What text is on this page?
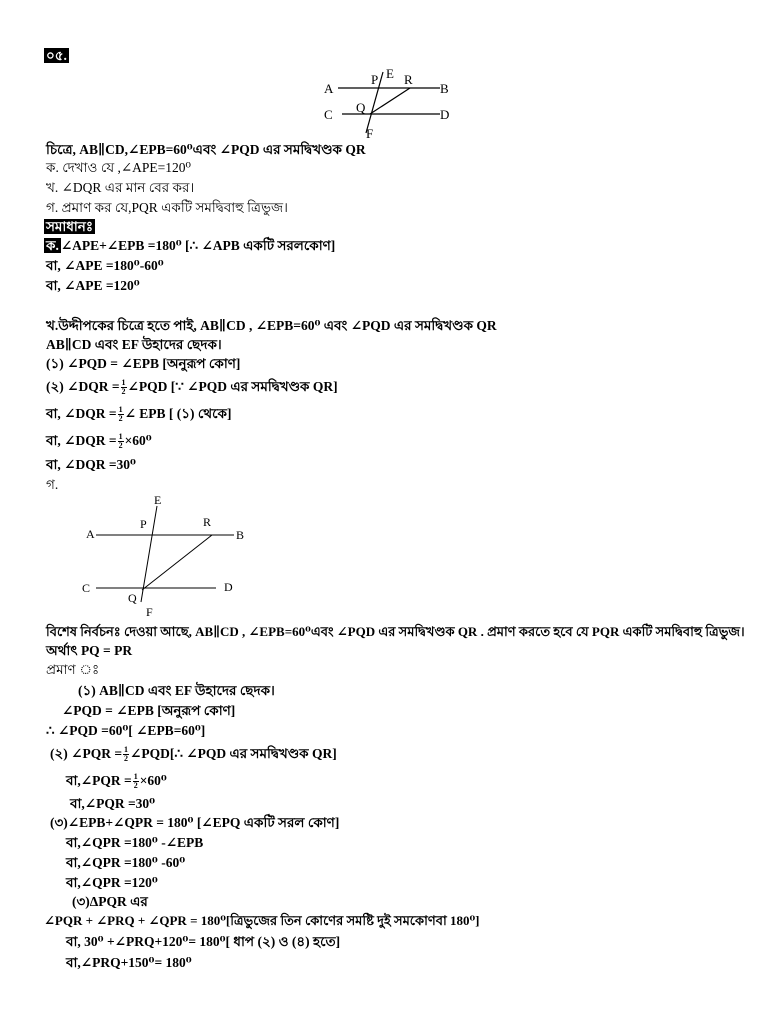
০৫.
A	B
C	D
E
F
P
Q
R
চিত্রে, AB∥CD,∠EPB=60⁰এবং ∠PQD এর সমদ্বিখণ্ডক QR
ক. দেখাও যে ,∠APE=120⁰
খ. ∠DQR এর মান বের কর।
গ. প্রমাণ কর যে,PQR একটি সমদ্বিবাহু ত্রিভুজ।
সমাধানঃ
ক. ∠APE+∠EPB =180⁰ [∴ ∠APB একটি সরলকোণ]
বা, ∠APE =180⁰-60⁰
বা, ∠APE =120⁰
খ.উদ্দীপকের চিত্রে হতে পাই, AB∥CD , ∠EPB=60⁰ এবং ∠PQD এর সমদ্বিখণ্ডক QR
AB∥CD এবং EF উহাদের ছেদক।
(১) ∠PQD = ∠EPB [অনুরূপ কোণ]
(২) ∠DQR = $\frac{1}{2}$ ∠PQD [∵ ∠PQD এর সমদ্বিখণ্ডক QR]
বা, ∠DQR = $\frac{1}{2}$ ∠ EPB [ (১) থেকে]
বা, ∠DQR = $\frac{1}{2} \times 60^0$
বা, ∠DQR =30⁰
গ.
A	B
C	D
E
F
P
Q
R
বিশেষ নির্বচনঃ দেওয়া আছে, AB∥CD , ∠EPB=60⁰এবং ∠PQD এর সমদ্বিখণ্ডক QR . প্রমাণ করতে হবে যে PQR একটি সমদ্বিবাহু ত্রিভুজ।
অর্থাৎ PQ = PR
প্রমাণ ঃ
(১) AB∥CD এবং EF উহাদের ছেদক।
∠PQD = ∠EPB [অনুরূপ কোণ]
∴ ∠PQD =60⁰[ ∠EPB=60⁰]
(২) ∠PQR = $\frac{1}{2}$ ∠PQD[∴ ∠PQD এর সমদ্বিখণ্ডক QR]
বা,∠PQR = $\frac{1}{2} \times 60^0$
বা,∠PQR =30⁰
(৩)∠EPB+∠QPR = 180⁰ [∠EPQ একটি সরল কোণ]
বা,∠QPR =180⁰ -∠EPB
বা,∠QPR =180⁰ -60⁰
বা,∠QPR =120⁰
(৩)ΔPQR এর
∠PQR + ∠PRQ + ∠QPR = 180⁰[ত্রিভুজের তিন কোণের সমষ্টি দুই সমকোণবা 180⁰]
বা, 30⁰ +∠PRQ+120⁰= 180⁰[ ধাপ (২) ও (৪) হতে]
বা,∠PRQ+150⁰= 180⁰
